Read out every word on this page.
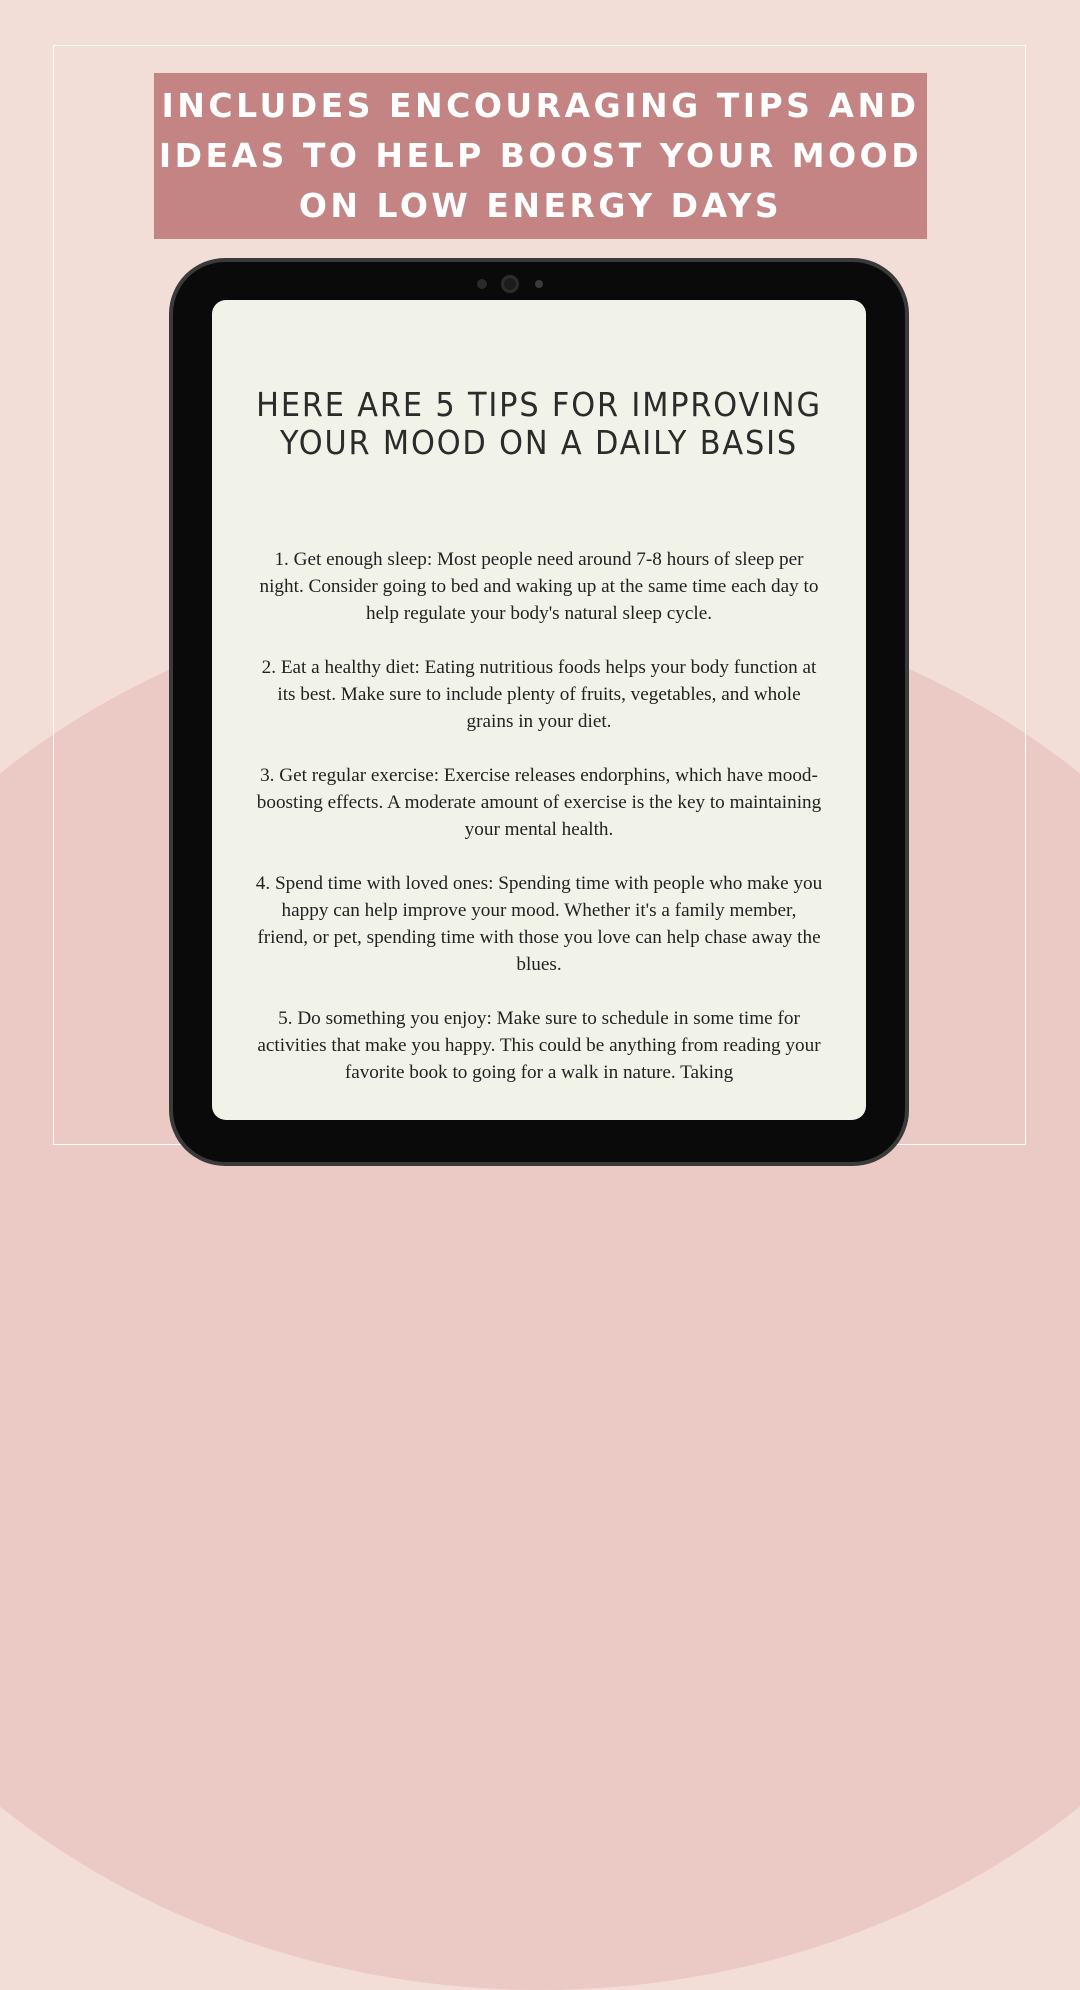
INCLUDES ENCOURAGING TIPS AND
IDEAS TO HELP BOOST YOUR MOOD
ON LOW ENERGY DAYS

HERE ARE 5 TIPS FOR IMPROVING
YOUR MOOD ON A DAILY BASIS
1. Get enough sleep: Most people need around 7-8 hours of sleep per night. Consider going to bed and waking up at the same time each day to help regulate your body's natural sleep cycle.
2. Eat a healthy diet: Eating nutritious foods helps your body function at its best. Make sure to include plenty of fruits, vegetables, and whole grains in your diet.
3. Get regular exercise: Exercise releases endorphins, which have mood-boosting effects. A moderate amount of exercise is the key to maintaining your mental health.
4. Spend time with loved ones: Spending time with people who make you happy can help improve your mood. Whether it's a family member, friend, or pet, spending time with those you love can help chase away the blues.
5. Do something you enjoy: Make sure to schedule in some time for activities that make you happy. This could be anything from reading your favorite book to going for a walk in nature. Taking
